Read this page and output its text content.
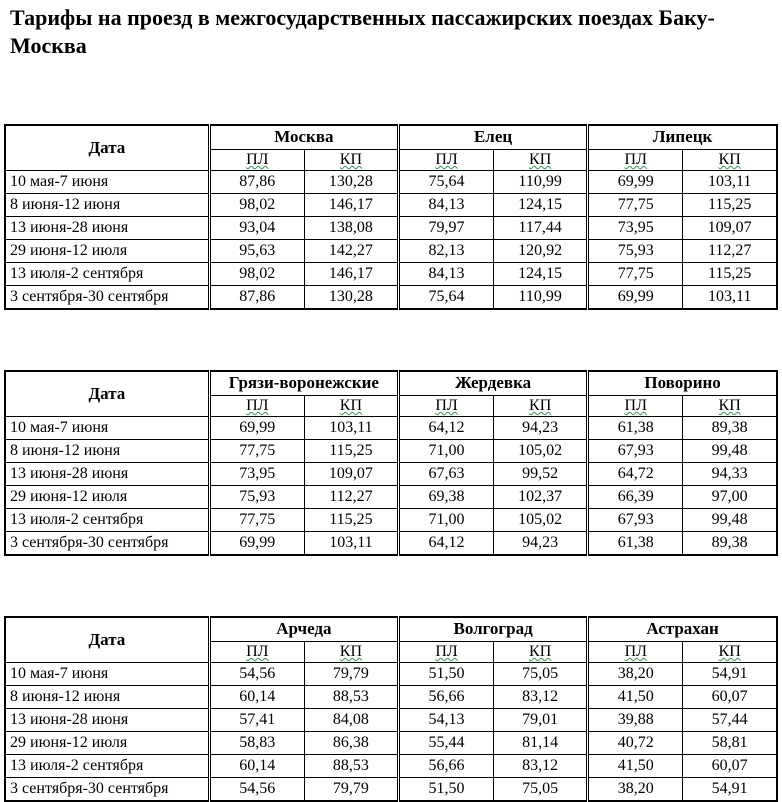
Тарифы на проезд в межгосударственных пассажирских поездах Баку-Москва
Дата	Москва		Елец		Липецк	
	ПЛ	КП	ПЛ	КП	ПЛ	КП
10 мая-7 июня	87,86	130,28	75,64	110,99	69,99	103,11
8 июня-12 июня	98,02	146,17	84,13	124,15	77,75	115,25
13 июня-28 июня	93,04	138,08	79,97	117,44	73,95	109,07
29 июня-12 июля	95,63	142,27	82,13	120,92	75,93	112,27
13 июля-2 сентября	98,02	146,17	84,13	124,15	77,75	115,25
3 сентября-30 сентября	87,86	130,28	75,64	110,99	69,99	103,11
Дата	Грязи-воронежские		Жердевка		Поворино	
	ПЛ	КП	ПЛ	КП	ПЛ	КП
10 мая-7 июня	69,99	103,11	64,12	94,23	61,38	89,38
8 июня-12 июня	77,75	115,25	71,00	105,02	67,93	99,48
13 июня-28 июня	73,95	109,07	67,63	99,52	64,72	94,33
29 июня-12 июля	75,93	112,27	69,38	102,37	66,39	97,00
13 июля-2 сентября	77,75	115,25	71,00	105,02	67,93	99,48
3 сентября-30 сентября	69,99	103,11	64,12	94,23	61,38	89,38
Дата	Арчеда		Волгоград		Астрахан	
	ПЛ	КП	ПЛ	КП	ПЛ	КП
10 мая-7 июня	54,56	79,79	51,50	75,05	38,20	54,91
8 июня-12 июня	60,14	88,53	56,66	83,12	41,50	60,07
13 июня-28 июня	57,41	84,08	54,13	79,01	39,88	57,44
29 июня-12 июля	58,83	86,38	55,44	81,14	40,72	58,81
13 июля-2 сентября	60,14	88,53	56,66	83,12	41,50	60,07
3 сентября-30 сентября	54,56	79,79	51,50	75,05	38,20	54,91
